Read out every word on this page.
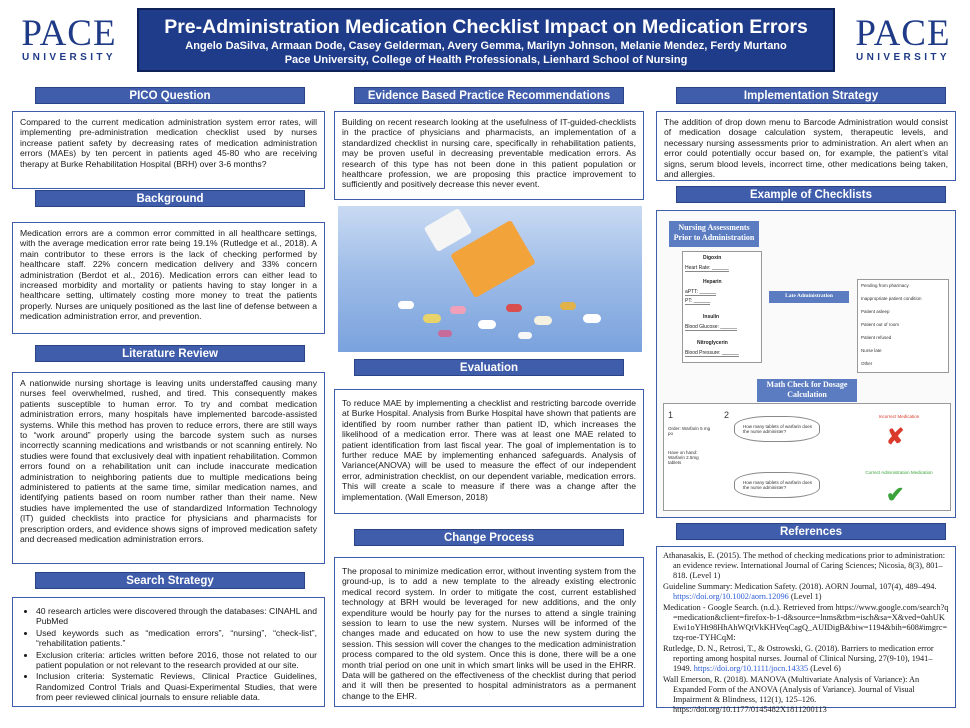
PACE
UNIVERSITY
PACE
UNIVERSITY
Pre-Administration Medication Checklist Impact on Medication Errors
Angelo DaSilva, Armaan Dode, Casey Gelderman, Avery Gemma, Marilyn Johnson, Melanie Mendez, Ferdy Murtano
Pace University, College of Health Professionals, Lienhard School of Nursing
PICO Question

Compared to the current medication administration system error rates, will implementing pre-administration medication checklist used by nurses increase patient safety by decreasing rates of medication administration errors (MAEs) by ten percent in patients aged 45-80 who are receiving therapy at Burke Rehabilitation Hospital (BRH) over 3-6 months?

Background

Medication errors are a common error committed in all healthcare settings, with the average medication error rate being 19.1% (Rutledge et al., 2018). A main contributor to these errors is the lack of checking performed by healthcare staff. 22% concern medication delivery and 33% concern administration (Berdot et al., 2016). Medication errors can either lead to increased morbidity and mortality or patients having to stay longer in a healthcare setting, ultimately costing more money to treat the patients properly. Nurses are uniquely positioned as the last line of defense between a medication administration error, and prevention.

Literature Review

A nationwide nursing shortage is leaving units understaffed causing many nurses feel overwhelmed, rushed, and tired. This consequently makes patients susceptible to human error. To try and combat medication administration errors, many hospitals have implemented barcode-assisted systems. While this method has proven to reduce errors, there are still ways to “work around” properly using the barcode system such as nurses incorrectly scanning medications and wristbands or not scanning entirely. No studies were found that exclusively deal with inpatient rehabilitation. Common errors found on a rehabilitation unit can include inaccurate medication administration to neighboring patients due to multiple medications being administered to patients at the same time, similar medication names, and identifying patients based on room number rather than their name. New studies have implemented the use of standardized Information Technology (IT) guided checklists into practice for physicians and pharmacists for prescription orders, and evidence shows signs of improved medication safety and decreased medication administration errors.

Search Strategy
• 40 research articles were discovered through the databases: CINAHL and PubMed
• Used keywords such as “medication errors”, “nursing”, “check-list”, “rehabilitation patients.”
• Exclusion criteria: articles written before 2016, those not related to our patient population or not relevant to the research provided at our site.
• Inclusion criteria: Systematic Reviews, Clinical Practice Guidelines, Randomized Control Trials and Quasi-Experimental Studies, that were from peer reviewed clinical journals to ensure reliable data.
Evidence Based Practice Recommendations

Building on recent research looking at the usefulness of IT-guided-checklists in the practice of physicians and pharmacists, an implementation of a standardized checklist in nursing care, specifically in rehabilitation patients, may be proven useful in decreasing preventable medication errors. As research of this type has not been done in this patient population or healthcare profession, we are proposing this practice improvement to sufficiently and positively decrease this never event.

Evaluation

To reduce MAE by implementing a checklist and restricting barcode override at Burke Hospital. Analysis from Burke Hospital have shown that patients are identified by room number rather than patient ID, which increases the likelihood of a medication error. There was at least one MAE related to patient identification from last fiscal year. The goal of implementation is to further reduce MAE by implementing enhanced safeguards. Analysis of Variance(ANOVA) will be used to measure the effect of our independent error, administration checklist, on our dependent variable, medication errors. This will create a scale to measure if there was a change after the implementation. (Wall Emerson, 2018)

Change Process

The proposal to minimize medication error, without inventing system from the ground-up, is to add a new template to the already existing electronic medical record system. In order to mitigate the cost, current established technology at BRH would be leveraged for new additions, and the only expenditure would be hourly pay for the nurses to attend a single training session to learn to use the new system. Nurses will be informed of the changes made and educated on how to use the new system during the session. This session will cover the changes to the medication administration process compared to the old system. Once this is done, there will be a one month trial period on one unit in which smart links will be used in the EHRR. Data will be gathered on the effectiveness of the checklist during that period and it will then be presented to hospital administrators as a permanent change to the EHR.

Implementation Strategy

The addition of drop down menu to Barcode Administration would consist of medication dosage calculation system, therapeutic levels, and necessary nursing assessments prior to administration. An alert when an error could potentially occur based on, for example, the patient’s vital signs, serum blood levels, incorrect time, other medications being taken, and allergies.

Example of Checklists
Nursing Assessments Prior to Administration
Digoxin
Heart Rate: ______
Heparin
aPTT: ______
PT: ______
Insulin
Blood Glucose: ______
Nitroglycerin
Blood Pressure: ______
Late Administration
Pending from pharmacy
Inappropriate patient condition
Patient asleep
Patient out of room
Patient refused
Nurse late
Other
Math Check for Dosage Calculation
1	2
Order: Warfarin 5 mg po
Have on hand: Warfarin 2.5mg tablets
How many tablets of warfarin does the nurse administer?
How many tablets of warfarin does the nurse administer?
Incorrect Medication
✘
Correct Administration Medication
✔
References
Athanasakis, E. (2015). The method of checking medications prior to administration: an evidence review. International Journal of Caring Sciences; Nicosia, 8(3), 801–818. (Level 1)
Guideline Summary: Medication Safety. (2018). AORN Journal, 107(4), 489–494. https://doi.org/10.1002/aorn.12096 (Level 1)
Medication - Google Search. (n.d.). Retrieved from https://www.google.com/search?q=medication&client=firefox-b-1-d&source=lnms&tbm=isch&sa=X&ved=0ahUKEwi1oYHt98HhAhWQtVkKHVeqCagQ_AUIDigB&biw=1194&bih=608#imgrc=tzq-roe-TYHCqM:
Rutledge, D. N., Retrosi, T., & Ostrowski, G. (2018). Barriers to medication error reporting among hospital nurses. Journal of Clinical Nursing, 27(9-10), 1941–1949. https://doi.org/10.1111/jocn.14335 (Level 6)
Wall Emerson, R. (2018). MANOVA (Multivariate Analysis of Variance): An Expanded Form of the ANOVA (Analysis of Variance). Journal of Visual Impairment & Blindness, 112(1), 125–126. https://doi.org/10.1177/0145482X1811200113
